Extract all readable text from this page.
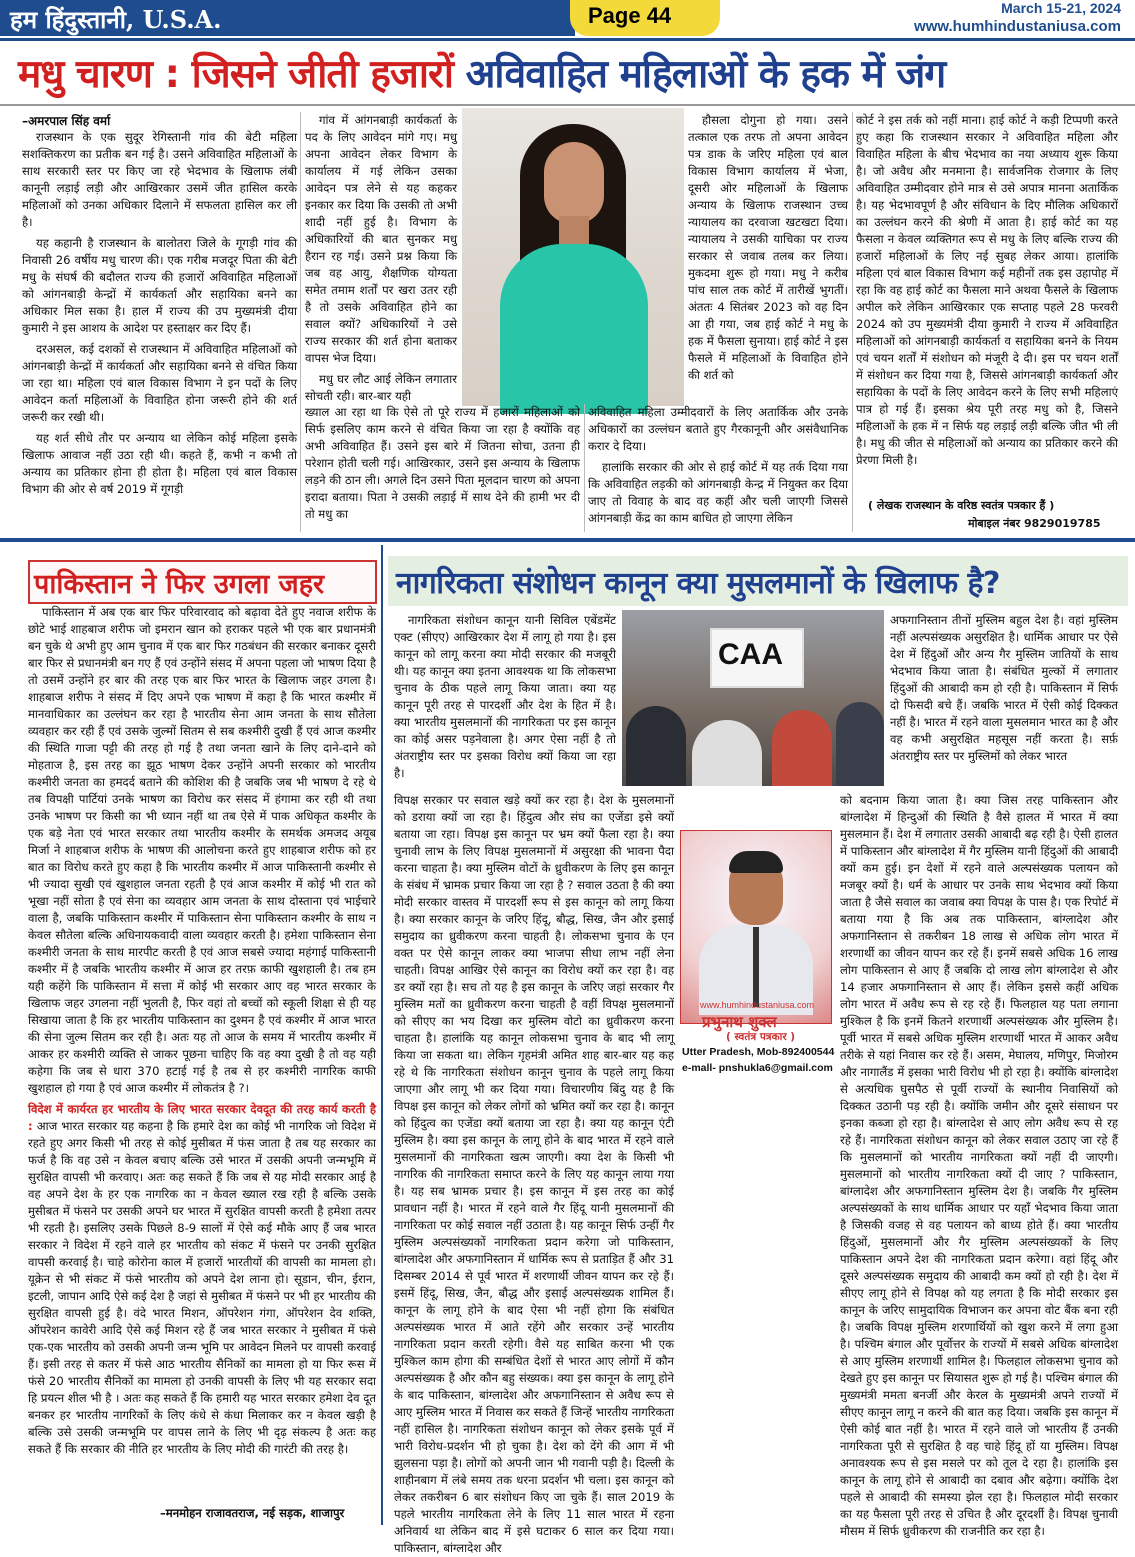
हम हिंदुस्तानी, U.S.A.	Page 44	March 15-21, 2024
www.humhindustaniusa.com
मधु चारण : जिसने जीती हजारों अविवाहित महिलाओं के हक में जंग
–अमरपाल सिंह वर्मा

राजस्थान के एक सुदूर रेगिस्तानी गांव की बेटी महिला सशक्तिकरण का प्रतीक बन गई है। उसने अविवाहित महिलाओं के साथ सरकारी स्तर पर किए जा रहे भेदभाव के खिलाफ लंबी कानूनी लड़ाई लड़ी और आखिरकार उसमें जीत हासिल करके महिलाओं को उनका अधिकार दिलाने में सफलता हासिल कर ली है।

यह कहानी है राजस्थान के बालोतरा जिले के गूगड़ी गांव की निवासी 26 वर्षीय मधु चारण की। एक गरीब मजदूर पिता की बेटी मधु के संघर्ष की बदौलत राज्य की हजारों अविवाहित महिलाओं को आंगनबाड़ी केन्द्रों में कार्यकर्ता और सहायिका बनने का अधिकार मिल सका है। हाल में राज्य की उप मुख्यमंत्री दीया कुमारी ने इस आशय के आदेश पर हस्ताक्षर कर दिए हैं।

दरअसल, कई दशकों से राजस्थान में अविवाहित महिलाओं को आंगनबाड़ी केन्द्रों में कार्यकर्ता और सहायिका बनने से वंचित किया जा रहा था। महिला एवं बाल विकास विभाग ने इन पदों के लिए आवेदन कर्ता महिलाओं के विवाहित होना जरूरी होने की शर्त जरूरी कर रखी थी।

यह शर्त सीधे तौर पर अन्याय था लेकिन कोई महिला इसके खिलाफ आवाज नहीं उठा रही थी। कहते हैं, कभी न कभी तो अन्याय का प्रतिकार होना ही होता है। महिला एवं बाल विकास विभाग की ओर से वर्ष 2019 में गूगड़ी

गांव में आंगनबाड़ी कार्यकर्ता के पद के लिए आवेदन मांगे गए। मधु अपना आवेदन लेकर विभाग के कार्यालय में गई लेकिन उसका आवेदन पत्र लेने से यह कहकर इनकार कर दिया कि उसकी तो अभी शादी नहीं हुई है। विभाग के अधिकारियों की बात सुनकर मधु हैरान रह गई। उसने प्रश्न किया कि जब वह आयु, शैक्षणिक योग्यता समेत तमाम शर्तों पर खरा उतर रही है तो उसके अविवाहित होने का सवाल क्यों? अधिकारियों ने उसे राज्य सरकार की शर्त होना बताकर वापस भेज दिया।

मधु घर लौट आई लेकिन लगातार सोचती रही। बार-बार यही

ख्याल आ रहा था कि ऐसे तो पूरे राज्य में हजारों महिलाओं को सिर्फ इसलिए काम करने से वंचित किया जा रहा है क्योंकि वह अभी अविवाहित हैं। उसने इस बारे में जितना सोचा, उतना ही परेशान होती चली गई। आखिरकार, उसने इस अन्याय के खिलाफ लड़ने की ठान ली। अगले दिन उसने पिता मूलदान चारण को अपना इरादा बताया। पिता ने उसकी लड़ाई में साथ देने की हामी भर दी तो मधु का

हौसला दोगुना हो गया। उसने तत्काल एक तरफ तो अपना आवेदन पत्र डाक के जरिए महिला एवं बाल विकास विभाग कार्यालय में भेजा, दूसरी ओर महिलाओं के खिलाफ अन्याय के खिलाफ राजस्थान उच्च न्यायालय का दरवाजा खटखटा दिया। न्यायालय ने उसकी याचिका पर राज्य सरकार से जवाब तलब कर लिया। मुकदमा शुरू हो गया। मधु ने करीब पांच साल तक कोर्ट में तारीखें भुगतीं। अंततः 4 सितंबर 2023 को वह दिन आ ही गया, जब हाई कोर्ट ने मधु के हक में फैसला सुनाया। हाई कोर्ट ने इस फैसले में महिलाओं के विवाहित होने की शर्त को

अविवाहित महिला उम्मीदवारों के लिए अतार्किक और उनके अधिकारों का उल्लंघन बताते हुए गैरकानूनी और असंवैधानिक करार दे दिया।

हालांकि सरकार की ओर से हाई कोर्ट में यह तर्क दिया गया कि अविवाहित लड़की को आंगनबाड़ी केन्द्र में नियुक्त कर दिया जाए तो विवाह के बाद वह कहीं और चली जाएगी जिससे आंगनबाड़ी केंद्र का काम बाधित हो जाएगा लेकिन

कोर्ट ने इस तर्क को नहीं माना। हाई कोर्ट ने कड़ी टिप्पणी करते हुए कहा कि राजस्थान सरकार ने अविवाहित महिला और विवाहित महिला के बीच भेदभाव का नया अध्याय शुरू किया है। जो अवैध और मनमाना है। सार्वजनिक रोजगार के लिए अविवाहित उम्मीदवार होने मात्र से उसे अपात्र मानना अतार्किक है। यह भेदभावपूर्ण है और संविधान के दिए मौलिक अधिकारों का उल्लंघन करने की श्रेणी में आता है। हाई कोर्ट का यह फैसला न केवल व्यक्तिगत रूप से मधु के लिए बल्कि राज्य की हजारों महिलाओं के लिए नई सुबह लेकर आया। हालांकि महिला एवं बाल विकास विभाग कई महीनों तक इस उहापोह में रहा कि वह हाई कोर्ट का फैसला माने अथवा फैसले के खिलाफ अपील करे लेकिन आखिरकार एक सप्ताह पहले 28 फरवरी 2024 को उप मुख्यमंत्री दीया कुमारी ने राज्य में अविवाहित महिलाओं को आंगनबाड़ी कार्यकर्ता व सहायिका बनने के नियम एवं चयन शर्तों में संशोधन को मंजूरी दे दी। इस पर चयन शर्तों में संशोधन कर दिया गया है, जिससे आंगनबाड़ी कार्यकर्ता और सहायिका के पदों के लिए आवेदन करने के लिए सभी महिलाएं पात्र हो गई हैं। इसका श्रेय पूरी तरह मधु को है, जिसने महिलाओं के हक में न सिर्फ यह लड़ाई लड़ी बल्कि जीत भी ली है। मधु की जीत से महिलाओं को अन्याय का प्रतिकार करने की प्रेरणा मिली है।

( लेखक राजस्थान के वरिष्ठ स्वतंत्र पत्रकार हैं )
मोबाइल नंबर 9829019785
पाकिस्तान ने फिर उगला जहर

पाकिस्तान में अब एक बार फिर परिवारवाद को बढ़ावा देते हुए नवाज शरीफ के छोटे भाई शाहबाज शरीफ जो इमरान खान को हराकर पहले भी एक बार प्रधानमंत्री बन चुके थे अभी हुए आम चुनाव में एक बार फिर गठबंधन की सरकार बनाकर दूसरी बार फिर से प्रधानमंत्री बन गए हैं एवं उन्होंने संसद में अपना पहला जो भाषण दिया है तो उसमें उन्होंने हर बार की तरह एक बार फिर भारत के खिलाफ जहर उगला है। शाहबाज शरीफ ने संसद में दिए अपने एक भाषण में कहा है कि भारत कश्मीर में मानवाधिकार का उल्लंघन कर रहा है भारतीय सेना आम जनता के साथ सौतेला व्यवहार कर रही हैं एवं उसके जुल्मों सितम से सब कश्मीरी दुखी हैं एवं आज कश्मीर की स्थिति गाजा पट्टी की तरह हो गई है तथा जनता खाने के लिए दाने-दाने को मोहताज है, इस तरह का झूठ भाषण देकर उन्होंने अपनी सरकार को भारतीय कश्मीरी जनता का हमदर्द बताने की कोशिश की है जबकि जब भी भाषण दे रहे थे तब विपक्षी पार्टियां उनके भाषण का विरोध कर संसद में हंगामा कर रही थी तथा उनके भाषण पर किसी का भी ध्यान नहीं था तब ऐसे में पाक अधिकृत कश्मीर के एक बड़े नेता एवं भारत सरकार तथा भारतीय कश्मीर के समर्थक अमजद अयूब मिर्जा ने शाहबाज शरीफ के भाषण की आलोचना करते हुए शाहबाज शरीफ को हर बात का विरोध करते हुए कहा है कि भारतीय कश्मीर में आज पाकिस्तानी कश्मीर से भी ज्यादा सुखी एवं खुशहाल जनता रहती है एवं आज कश्मीर में कोई भी रात को भूखा नहीं सोता है एवं सेना का व्यवहार आम जनता के साथ दोस्ताना एवं भाईचारे वाला है, जबकि पाकिस्तान कश्मीर में पाकिस्तान सेना पाकिस्तान कश्मीर के साथ न केवल सौतेला बल्कि अधिनायकवादी वाला व्यवहार करती है। हमेशा पाकिस्तान सेना कश्मीरी जनता के साथ मारपीट करती है एवं आज सबसे ज्यादा महंगाई पाकिस्तानी कश्मीर में है जबकि भारतीय कश्मीर में आज हर तरफ़ काफी खुशहाली है। तब हम यही कहेंगे कि पाकिस्तान में सत्ता में कोई भी सरकार आए वह भारत सरकार के खिलाफ जहर उगलना नहीं भुलती है, फिर वहां तो बच्चों को स्कूली शिक्षा से ही यह सिखाया जाता है कि हर भारतीय पाकिस्तान का दुश्मन है एवं कश्मीर में आज भारत की सेना जुल्म सितम कर रही है। अतः यह तो आज के समय में भारतीय कश्मीर में आकर हर कश्मीरी व्यक्ति से जाकर पूछना चाहिए कि वह क्या दुखी है तो वह यही कहेगा कि जब से धारा 370 हटाई गई है तब से हर कश्मीरी नागरिक काफी खुशहाल हो गया है एवं आज कश्मीर में लोकतंत्र है ?।

विदेश में कार्यरत हर भारतीय के लिए भारत सरकार देवदूत की तरह कार्य करती है : आज भारत सरकार यह कहना है कि हमारे देश का कोई भी नागरिक जो विदेश में रहते हुए अगर किसी भी तरह से कोई मुसीबत में फंस जाता है तब यह सरकार का फर्ज है कि वह उसे न केवल बचाए बल्कि उसे भारत में उसकी अपनी जन्मभूमि में सुरक्षित वापसी भी करवाए। अतः कह सकते हैं कि जब से यह मोदी सरकार आई है वह अपने देश के हर एक नागरिक का न केवल ख्याल रख रही है बल्कि उसके मुसीबत में फंसने पर उसकी अपने घर भारत में सुरक्षित वापसी करती है हमेशा तत्पर भी रहती है। इसलिए उसके पिछले 8-9 सालों में ऐसे कई मौके आए हैं जब भारत सरकार ने विदेश में रहने वाले हर भारतीय को संकट में फंसने पर उनकी सुरक्षित वापसी करवाई है। चाहे कोरोना काल में हजारों भारतीयों की वापसी का मामला हो। यूक्रेन से भी संकट में फंसे भारतीय को अपने देश लाना हो। सूडान, चीन, ईरान, इटली, जापान आदि ऐसे कई देश है जहां से मुसीबत में फंसने पर भी हर भारतीय की सुरक्षित वापसी हुई है। वंदे भारत मिशन, ऑपरेशन गंगा, ऑपरेशन देव शक्ति, ऑपरेशन कावेरी आदि ऐसे कई मिशन रहे हैं जब भारत सरकार ने मुसीबत में फंसे एक-एक भारतीय को उसकी अपनी जन्म भूमि पर आवेदन मिलने पर वापसी करवाई हैं। इसी तरह से कतर में फंसे आठ भारतीय सैनिकों का मामला हो या फिर रूस में फंसे 20 भारतीय सैनिकों का मामला हो उनकी वापसी के लिए भी यह सरकार सदा हि प्रयत्न शील भी है । अतः कह सकते हैं कि हमारी यह भारत सरकार हमेशा देव दूत बनकर हर भारतीय नागरिकों के लिए कंधे से कंधा मिलाकर कर न केवल खड़ी है बल्कि उसे उसकी जन्मभूमि पर वापस लाने के लिए भी दृढ़ संकल्प है अतः कह सकते हैं कि सरकार की नीति हर भारतीय के लिए मोदी की गारंटी की तरह है।

–मनमोहन राजावतराज, नई सड़क, शाजापुर
नागरिकता संशोधन कानून क्या मुसलमानों के खिलाफ है?

नागरिकता संशोधन कानून यानी सिविल एबेंडमेंट एक्ट (सीएए) आखिरकार देश में लागू हो गया है। इस कानून को लागू करना क्या मोदी सरकार की मजबूरी थी। यह कानून क्या इतना आवश्यक था कि लोकसभा चुनाव के ठीक पहले लागू किया जाता। क्या यह कानून पूरी तरह से पारदर्शी और देश के हित में है। क्या भारतीय मुसलमानों की नागरिकता पर इस कानून का कोई असर पड़नेवाला है। अगर ऐसा नहीं है तो अंतराष्ट्रीय स्तर पर इसका विरोध क्यों किया जा रहा है।

CAA

अफगानिस्तान तीनों मुस्लिम बहुल देश है। वहां मुस्लिम नहीं अल्पसंख्यक असुरक्षित है। धार्मिक आधार पर ऐसे देश में हिंदुओं और अन्य गैर मुस्लिम जातियों के साथ भेदभाव किया जाता है। संबंधित मुल्कों में लगातार हिंदुओं की आबादी कम हो रही है। पाकिस्तान में सिर्फ दो फिसदी बचे हैं। जबकि भारत में ऐसी कोई दिक्कत नहीं है। भारत में रहने वाला मुसलमान भारत का है और वह कभी असुरक्षित महसूस नहीं करता है। सर्फ़ अंतराष्ट्रीय स्तर पर मुस्लिमों को लेकर भारत

विपक्ष सरकार पर सवाल खड़े क्यों कर रहा है। देश के मुसलमानों को डराया क्यों जा रहा है। हिंदुत्व और संघ का एजेंडा इसे क्यों बताया जा रहा। विपक्ष इस कानून पर भ्रम क्यों फैला रहा है। क्या चुनावी लाभ के लिए विपक्ष मुसलमानों में असुरक्षा की भावना पैदा करना चाहता है। क्या मुस्लिम वोटों के ध्रुवीकरण के लिए इस कानून के संबंध में भ्रामक प्रचार किया जा रहा है ? सवाल उठता है की क्या मोदी सरकार वास्तव में पारदर्शी रूप से इस कानून को लागू किया है। क्या सरकार कानून के जरिए हिंदू, बौद्ध, सिख, जैन और इसाई समुदाय का ध्रुवीकरण करना चाहती है। लोकसभा चुनाव के एन वक्त पर ऐसे कानून लाकर क्या भाजपा सीधा लाभ नहीं लेना चाहती। विपक्ष आखिर ऐसे कानून का विरोध क्यों कर रहा है। वह डर क्यों रहा है। सच तो यह है इस कानून के जरिए जहां सरकार गैर मुस्लिम मतों का ध्रुवीकरण करना चाहती है वहीं विपक्ष मुसलमानों को सीएए का भय दिखा कर मुस्लिम वोटो का ध्रुवीकरण करना चाहता है। हालांकि यह कानून लोकसभा चुनाव के बाद भी लागू किया जा सकता था। लेकिन गृहमंत्री अमित शाह बार-बार यह कह रहे थे कि नागरिकता संशोधन कानून चुनाव के पहले लागू किया जाएगा और लागू भी कर दिया गया। विचारणीय बिंदु यह है कि विपक्ष इस कानून को लेकर लोगों को भ्रमित क्यों कर रहा है। कानून को हिंदुत्व का एजेंडा क्यों बताया जा रहा है। क्या यह कानून एंटी मुस्लिम है। क्या इस कानून के लागू होने के बाद भारत में रहने वाले मुसलमानों की नागरिकता खत्म जाएगी। क्या देश के किसी भी नागरिक की नागरिकता समाप्त करने के लिए यह कानून लाया गया है। यह सब भ्रामक प्रचार है। इस कानून में इस तरह का कोई प्रावधान नहीं है। भारत में रहने वाले गैर हिंदू यानी मुसलमानों की नागरिकता पर कोई सवाल नहीं उठाता है। यह कानून सिर्फ उन्हीं गैर मुस्लिम अल्पसंख्यकों नागरिकता प्रदान करेगा जो पाकिस्तान, बांग्लादेश और अफगानिस्तान में धार्मिक रूप से प्रताड़ित हैं और 31 दिसम्बर 2014 से पूर्व भारत में शरणार्थी जीवन यापन कर रहे हैं। इसमें हिंदू, सिख, जैन, बौद्ध और इसाई अल्पसंख्यक शामिल हैं। कानून के लागू होने के बाद ऐसा भी नहीं होगा कि संबंधित अल्पसंख्यक भारत में आते रहेंगे और सरकार उन्हें भारतीय नागरिकता प्रदान करती रहेगी। वैसे यह साबित करना भी एक मुश्किल काम होगा की सम्बंधित देशों से भारत आए लोगों में कौन अल्पसंख्यक है और कौन बहु संख्यक। क्या इस कानून के लागू होने के बाद पाकिस्तान, बांग्लादेश और अफगानिस्तान से अवैध रूप से आए मुस्लिम भारत में निवास कर सकते हैं जिन्हें भारतीय नागरिकता नहीं हासिल है। नागरिकता संशोधन कानून को लेकर इसके पूर्व में भारी विरोध-प्रदर्शन भी हो चुका है। देश को देंगे की आग में भी झुलसना पड़ा है। लोगों को अपनी जान भी गवानी पड़ी है। दिल्ली के शाहीनबाग में लंबे समय तक धरना प्रदर्शन भी चला। इस कानून को लेकर तकरीबन 6 बार संशोधन किए जा चुके हैं। साल 2019 के पहले भारतीय नागरिकता लेने के लिए 11 साल भारत में रहना अनिवार्य था लेकिन बाद में इसे घटाकर 6 साल कर दिया गया। पाकिस्तान, बांग्लादेश और

www.humhindustaniusa.com
प्रभुनाथ शुक्ल
( स्वतंत्र पत्रकार )
Utter Pradesh, Mob-892400544
e-mall- pnshukla6@gmail.com

को बदनाम किया जाता है। क्या जिस तरह पाकिस्तान और बांग्लादेश में हिन्दुओं की स्थिति है वैसे हालत में भारत में क्या मुसलमान हैं। देश में लगातार उसकी आबादी बढ़ रही है। ऐसी हालत में पाकिस्तान और बांग्लादेश में गैर मुस्लिम यानी हिंदुओं की आबादी क्यों कम हुई। इन देशों में रहने वाले अल्पसंख्यक पलायन को मजबूर क्यों है। धर्म के आधार पर उनके साथ भेदभाव क्यों किया जाता है जैसे सवाल का जवाब क्या विपक्ष के पास है। एक रिपोर्ट में बताया गया है कि अब तक पाकिस्तान, बांग्लादेश और अफगानिस्तान से तकरीबन 18 लाख से अधिक लोग भारत में शरणार्थी का जीवन यापन कर रहे हैं। इनमें सबसे अधिक 16 लाख लोग पाकिस्तान से आए हैं जबकि दो लाख लोग बांग्लादेश से और 14 हजार अफगानिस्तान से आए हैं। लेकिन इससे कहीं अधिक लोग भारत में अवैध रूप से रह रहे हैं। फिलहाल यह पता लगाना मुश्किल है कि इनमें कितने शरणार्थी अल्पसंख्यक और मुस्लिम है। पूर्वी भारत में सबसे अधिक मुस्लिम शरणार्थी भारत में आकर अवैध तरीके से यहां निवास कर रहे हैं। असम, मेघालय, मणिपुर, मिजोरम और नागालैंड में इसका भारी विरोध भी हो रहा है। क्योंकि बांग्लादेश से अत्यधिक घुसपैठ से पूर्वी राज्यों के स्थानीय निवासियों को दिक्कत उठानी पड़ रही है। क्योंकि जमीन और दूसरे संसाधन पर इनका कब्जा हो रहा है। बांग्लादेश से आए लोग अवैध रूप से रह रहे हैं। नागरिकता संशोधन कानून को लेकर सवाल उठाए जा रहे हैं कि मुसलमानों को भारतीय नागरिकता क्यों नहीं दी जाएगी। मुसलमानों को भारतीय नागरिकता क्यों दी जाए ? पाकिस्तान, बांग्लादेश और अफगानिस्तान मुस्लिम देश है। जबकि गैर मुस्लिम अल्पसंख्यकों के साथ धार्मिक आधार पर यहाँ भेदभाव किया जाता है जिसकी वजह से वह पलायन को बाध्य होते हैं। क्या भारतीय हिंदुओं, मुसलमानों और गैर मुस्लिम अल्पसंख्यकों के लिए पाकिस्तान अपने देश की नागरिकता प्रदान करेगा। वहां हिंदू और दूसरे अल्पसंख्यक समुदाय की आबादी कम क्यों हो रही है। देश में सीएए लागू होने से विपक्ष को यह लगता है कि मोदी सरकार इस कानून के जरिए सामुदायिक विभाजन कर अपना वोट बैंक बना रही है। जबकि विपक्ष मुस्लिम शरणार्थियों को खुश करने में लगा हुआ है। पश्चिम बंगाल और पूर्वोत्तर के राज्यों में सबसे अधिक बांग्लादेश से आए मुस्लिम शरणार्थी शामिल है। फिलहाल लोकसभा चुनाव को देखते हुए इस कानून पर सियासत शुरू हो गई है। पश्चिम बंगाल की मुख्यमंत्री ममता बनर्जी और केरल के मुख्यमंत्री अपने राज्यों में सीएए कानून लागू न करने की बात कह दिया। जबकि इस कानून में ऐसी कोई बात नहीं है। भारत में रहने वाले जो भारतीय हैं उनकी नागरिकता पूरी से सुरक्षित है वह चाहे हिंदू हों या मुस्लिम। विपक्ष अनावश्यक रूप से इस मसले पर को तूल दे रहा है। हालांकि इस कानून के लागू होने से आबादी का दबाव और बढ़ेगा। क्योंकि देश पहले से आबादी की समस्या झेल रहा है। फिलहाल मोदी सरकार का यह फैसला पूरी तरह से उचित है और दूरदर्शी है। विपक्ष चुनावी मौसम में सिर्फ ध्रुवीकरण की राजनीति कर रहा है।
